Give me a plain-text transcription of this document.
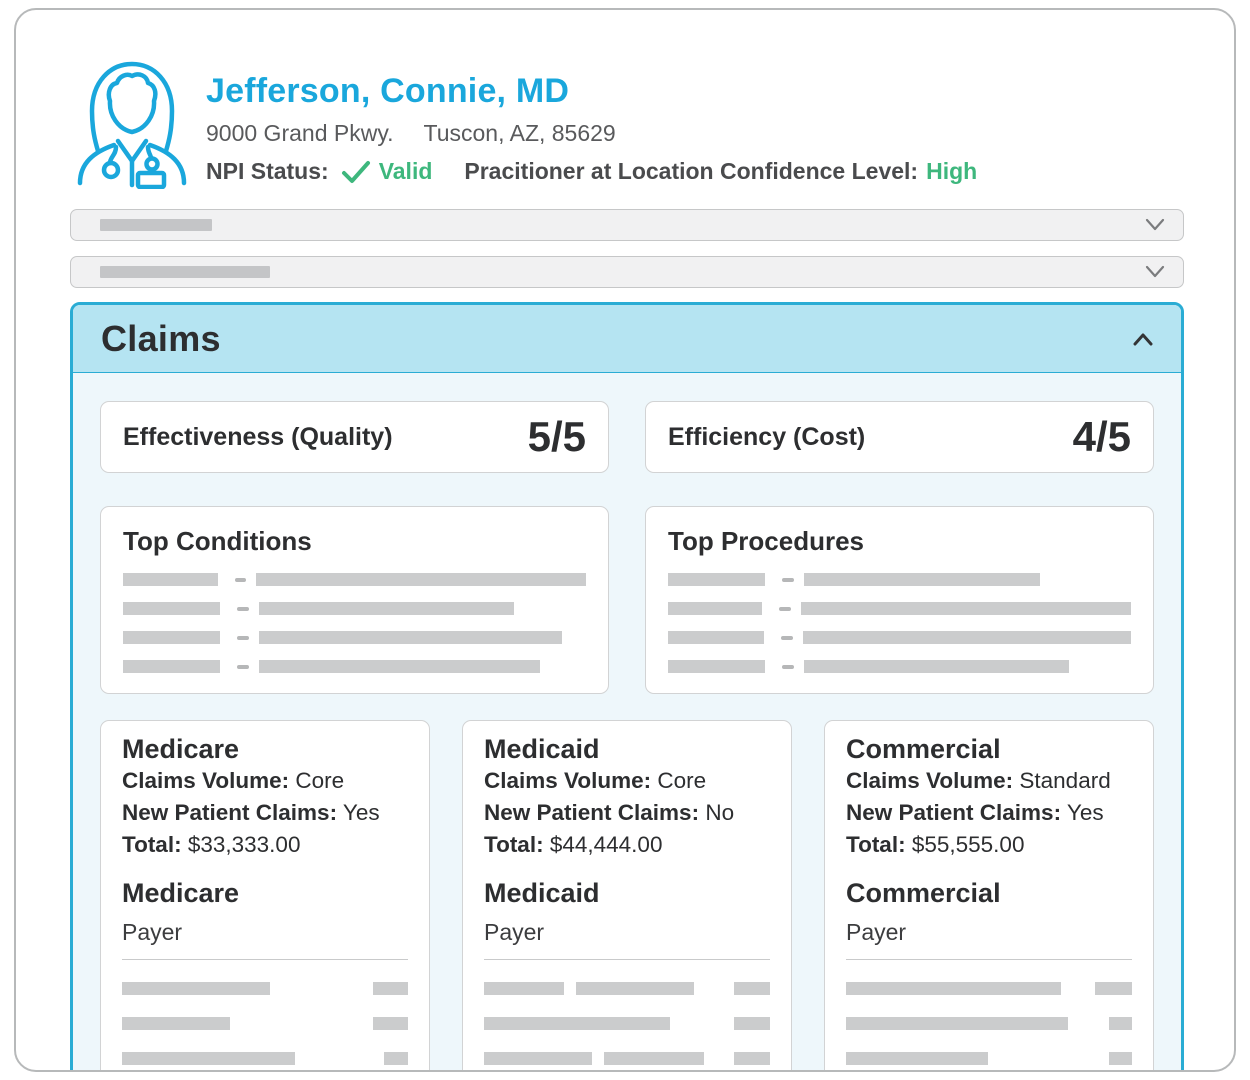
Jefferson, Connie, MD
9000 Grand Pkwy. Tuscon, AZ, 85629
NPI Status: Valid Pracitioner at Location Confidence Level: High
Claims
Effectiveness (Quality)	5/5	Efficiency (Cost)	4/5
Top Conditions	Top Procedures
Medicare
Claims Volume: Core
New Patient Claims: Yes
Total: $33,333.00
Medicare
Payer
Medicaid
Claims Volume: Core
New Patient Claims: No
Total: $44,444.00
Medicaid
Payer
Commercial
Claims Volume: Standard
New Patient Claims: Yes
Total: $55,555.00
Commercial
Payer
